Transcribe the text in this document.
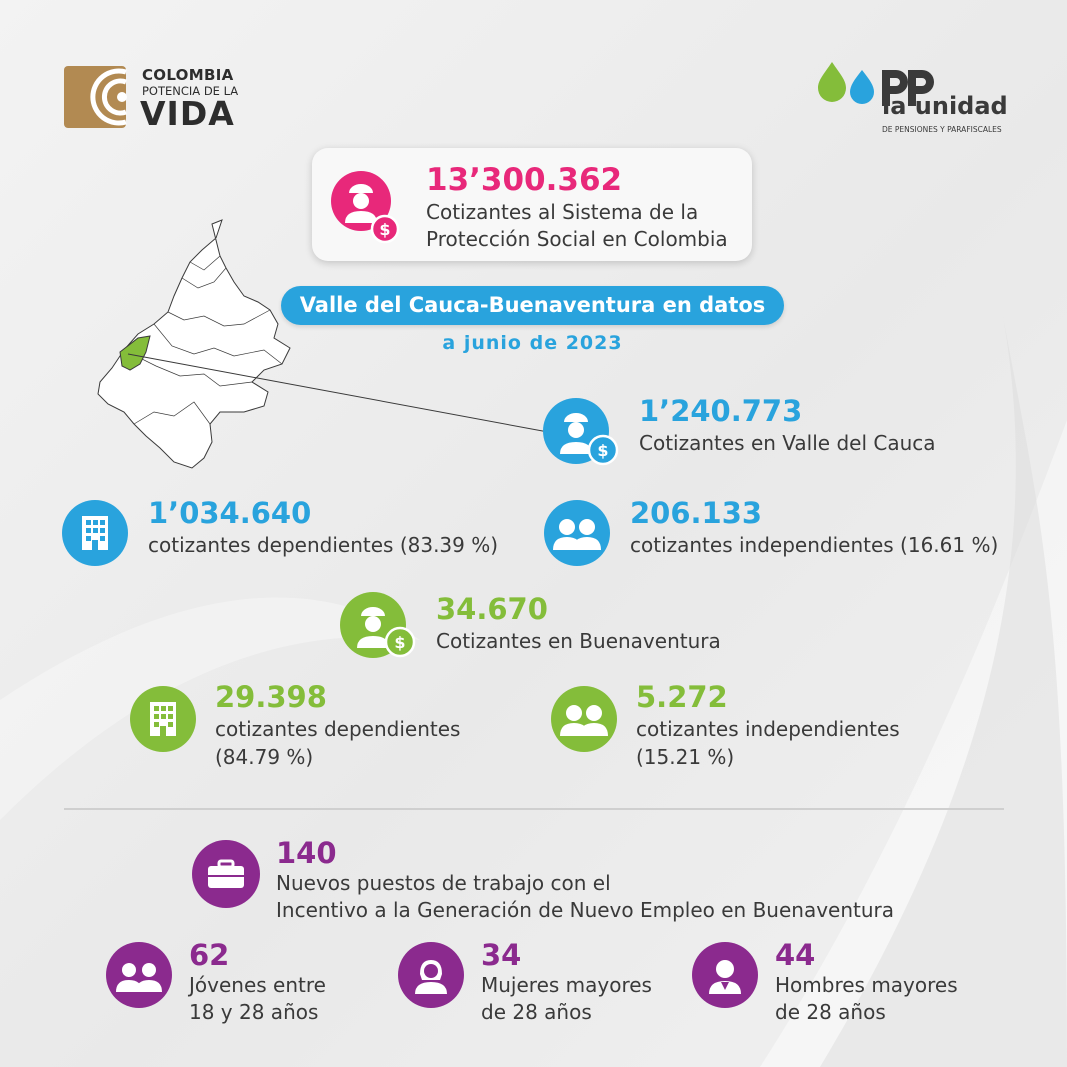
COLOMBIA
POTENCIA DE LA
VIDA	la unidad
DE PENSIONES Y PARAFISCALES
$
13’300.362
Cotizantes al Sistema de la
Protección Social en Colombia
Valle del Cauca-Buenaventura en datos
a junio de 2023
$
1’240.773
Cotizantes en Valle del Cauca
1’034.640
cotizantes dependientes (83.39 %)
206.133
cotizantes independientes (16.61 %)
$
34.670
Cotizantes en Buenaventura
29.398
cotizantes dependientes
(84.79 %)
5.272
cotizantes independientes
(15.21 %)
140
Nuevos puestos de trabajo con el
Incentivo a la Generación de Nuevo Empleo en Buenaventura
62
Jóvenes entre
18 y 28 años
34
Mujeres mayores
de 28 años
44
Hombres mayores
de 28 años
